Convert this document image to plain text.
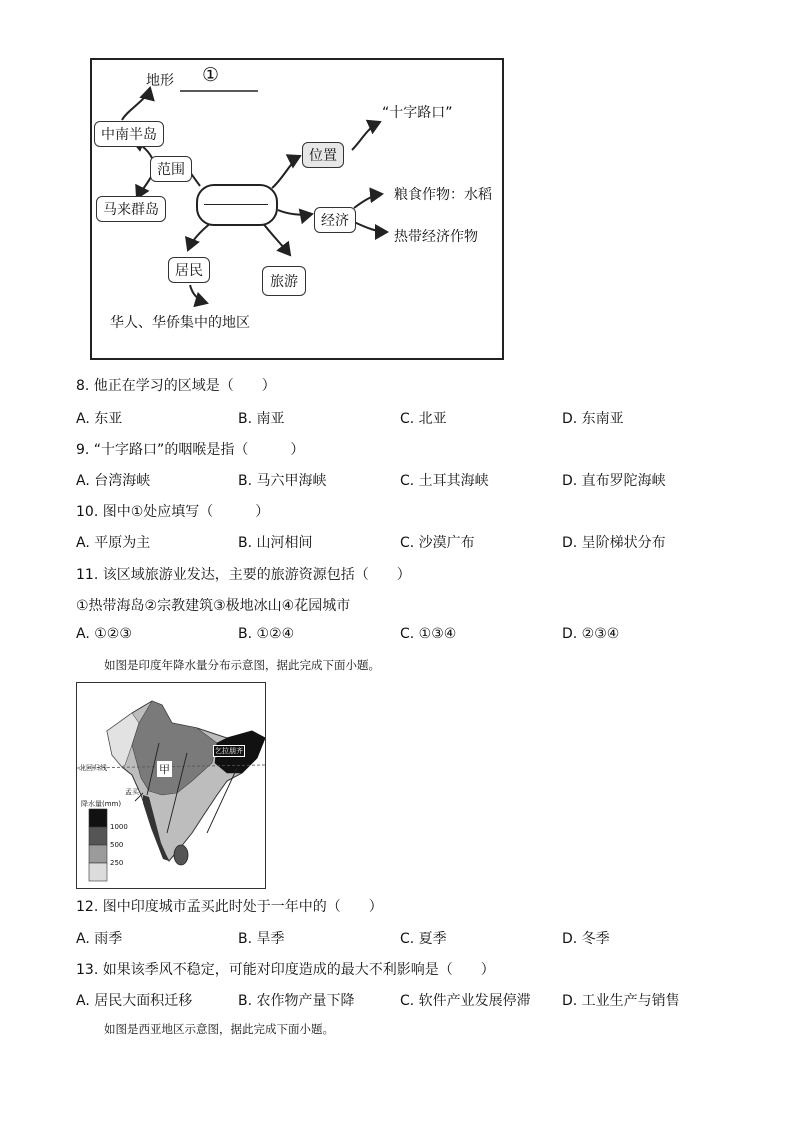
地形 ①
“十字路口”
中南半岛
范围
马来群岛
位置
经济
粮食作物：水稻
热带经济作物
居民
旅游
华人、华侨集中的地区
8. 他正在学习的区域是（　　）
A. 东亚	B. 南亚	C. 北亚	D. 东南亚
9. “十字路口”的咽喉是指（　　　）
A. 台湾海峡	B. 马六甲海峡	C. 土耳其海峡	D. 直布罗陀海峡
10. 图中①处应填写（　　　）
A. 平原为主	B. 山河相间	C. 沙漠广布	D. 呈阶梯状分布
11. 该区域旅游业发达，主要的旅游资源包括（　　）
①热带海岛②宗教建筑③极地冰山④花园城市
A. ①②③	B. ①②④	C. ①③④	D. ②③④
如图是印度年降水量分布示意图，据此完成下面小题。
甲
乞拉朋齐
北回归线
孟买
降水量(mm)
1000
500
250
12. 图中印度城市孟买此时处于一年中的（　　）
A. 雨季	B. 旱季	C. 夏季	D. 冬季
13. 如果该季风不稳定，可能对印度造成的最大不利影响是（　　）
A. 居民大面积迁移	B. 农作物产量下降	C. 软件产业发展停滞 D. 工业生产与销售
如图是西亚地区示意图，据此完成下面小题。
